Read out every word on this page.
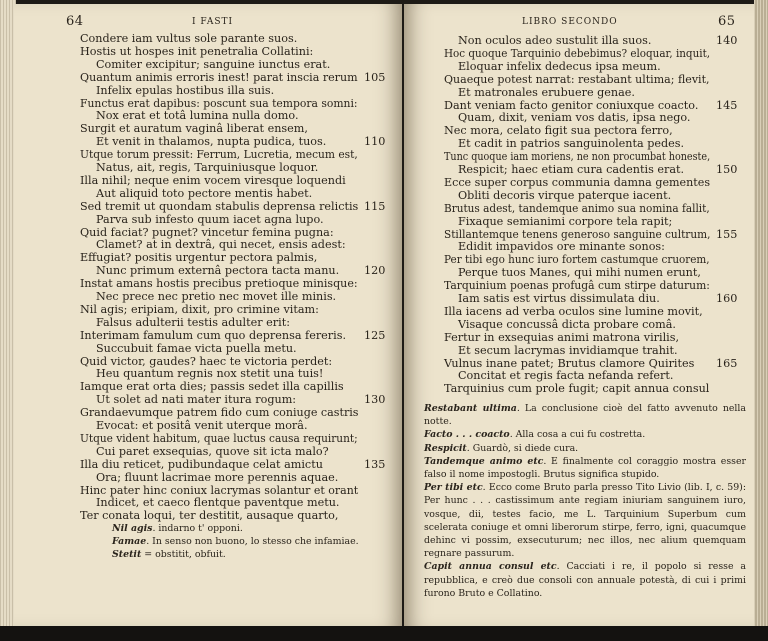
64	I FASTI
Condere iam vultus sole parante suos.
Hostis ut hospes init penetralia Collatini:
Comiter excipitur; sanguine iunctus erat.
Quantum animis erroris inest! parat inscia rerum 105
Infelix epulas hostibus illa suis.
Functus erat dapibus: poscunt sua tempora somni:
Nox erat et totâ lumina nulla domo.
Surgit et auratum vaginâ liberat ensem,
Et venit in thalamos, nupta pudica, tuos.	110
Utque torum pressit: Ferrum, Lucretia, mecum est,
Natus, ait, regis, Tarquiniusque loquor.
Illa nihil; neque enim vocem viresque loquendi
Aut aliquid toto pectore mentis habet.
Sed tremit ut quondam stabulis deprensa relictis 115
Parva sub infesto quum iacet agna lupo.
Quid faciat? pugnet? vincetur femina pugna:
Clamet? at in dextrâ, qui necet, ensis adest:
Effugiat? positis urgentur pectora palmis,
Nunc primum externâ pectora tacta manu. 120
Instat amans hostis precibus pretioque minisque:
Nec prece nec pretio nec movet ille minis.
Nil agis; eripiam, dixit, pro crimine vitam:
Falsus adulterii testis adulter erit:
Interimam famulum cum quo deprensa fereris. 125
Succubuit famae victa puella metu.
Quid victor, gaudes? haec te victoria perdet:
Heu quantum regnis nox stetit una tuis!
Iamque erat orta dies; passis sedet illa capillis
Ut solet ad nati mater itura rogum:	130
Grandaevumque patrem fido cum coniuge castris
Evocat: et positâ venit uterque morâ.
Utque vident habitum, quae luctus causa requirunt;
Cui paret exsequias, quove sit icta malo?
Illa diu reticet, pudibundaque celat amictu	135
Ora; fluunt lacrimae more perennis aquae.
Hinc pater hinc coniux lacrymas solantur et orant
Indicet, et caeco flentque paventque metu.
Ter conata loqui, ter destitit, ausaque quarto,

Nil agis. indarno t' opponi.

Famae. In senso non buono, lo stesso che infamiae.

Stetit = obstitit, obfuit.

LIBRO SECONDO	65
Non oculos adeo sustulit illa suos.	140
Hoc quoque Tarquinio debebimus? eloquar, inquit,
Eloquar infelix dedecus ipsa meum.
Quaeque potest narrat: restabant ultima; flevit,
Et matronales erubuere genae.
Dant veniam facto genitor coniuxque coacto. 145
Quam, dixit, veniam vos datis, ipsa nego.
Nec mora, celato figit sua pectora ferro,
Et cadit in patrios sanguinolenta pedes.
Tunc quoque iam moriens, ne non procumbat honeste,
Respicit; haec etiam cura cadentis erat.	150
Ecce super corpus communia damna gementes
Obliti decoris virque paterque iacent.
Brutus adest, tandemque animo sua nomina fallit,
Fixaque semianimi corpore tela rapit;
Stillantemque tenens generoso sanguine cultrum, 155
Edidit impavidos ore minante sonos:
Per tibi ego hunc iuro fortem castumque cruorem,
Perque tuos Manes, qui mihi numen erunt,
Tarquinium poenas profugâ cum stirpe daturum:
Iam satis est virtus dissimulata diu.	160
Illa iacens ad verba oculos sine lumine movit,
Visaque concussâ dicta probare comâ.
Fertur in exsequias animi matrona virilis,
Et secum lacrymas invidiamque trahit.
Vulnus inane patet; Brutus clamore Quirites 165
Concitat et regis facta nefanda refert.
Tarquinius cum prole fugit; capit annua consul

Restabant ultima. La conclusione cioè del fatto avvenuto nella notte.

Facto . . . coacto. Alla cosa a cui fu costretta.

Respicit. Guardò, si diede cura.

Tandemque animo etc. E finalmente col coraggio mostra esser falso il nome impostogli. Brutus significa stupido.

Per tibi etc. Ecco come Bruto parla presso Tito Livio (lib. I, c. 59): Per hunc . . . castissimum ante regiam iniuriam sanguinem iuro, vosque, dii, testes facio, me L. Tarquinium Superbum cum scelerata coniuge et omni liberorum stirpe, ferro, igni, quacumque dehinc vi possim, exsecuturum; nec illos, nec alium quemquam regnare passurum.

Capit annua consul etc. Cacciati i re, il popolo si resse a repubblica, e creò due consoli con annuale potestà, di cui i primi furono Bruto e Collatino.
